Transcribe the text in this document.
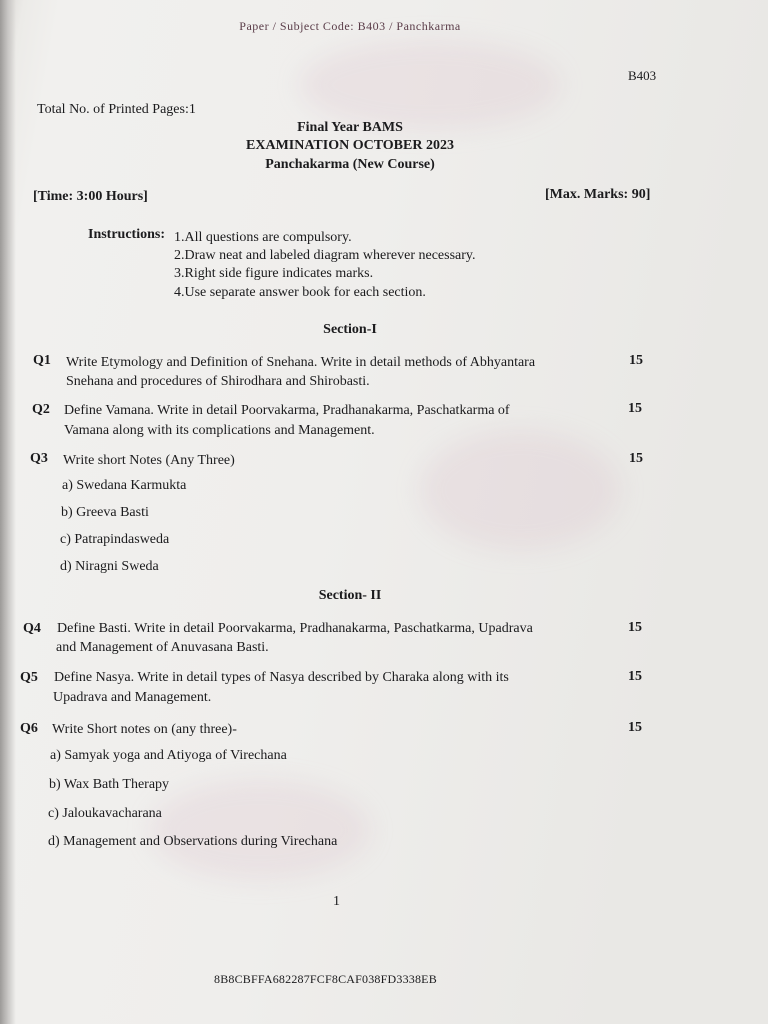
Paper / Subject Code: B403 / Panchkarma
B403
Total No. of Printed Pages:1
Final Year BAMS
EXAMINATION OCTOBER 2023
Panchakarma (New Course)
[Time: 3:00 Hours]	[Max. Marks: 90]
Instructions: 1.All questions are compulsory.
2.Draw neat and labeled diagram wherever necessary.
3.Right side figure indicates marks.
4.Use separate answer book for each section.
Section-I
Q1 Write Etymology and Definition of Snehana. Write in detail methods of Abhyantara
Snehana and procedures of Shirodhara and Shirobasti.
15
Q2 Define Vamana. Write in detail Poorvakarma, Pradhanakarma, Paschatkarma of
Vamana along with its complications and Management.
15
Q3 Write short Notes (Any Three)	15
a) Swedana Karmukta
b) Greeva Basti
c) Patrapindasweda
d) Niragni Sweda
Section- II
Q4 Define Basti. Write in detail Poorvakarma, Pradhanakarma, Paschatkarma, Upadrava
and Management of Anuvasana Basti.
15
Q5 Define Nasya. Write in detail types of Nasya described by Charaka along with its
Upadrava and Management.
15
Q6 Write Short notes on (any three)-	15
a) Samyak yoga and Atiyoga of Virechana
b) Wax Bath Therapy
c) Jaloukavacharana
d) Management and Observations during Virechana
1
8B8CBFFA682287FCF8CAF038FD3338EB
